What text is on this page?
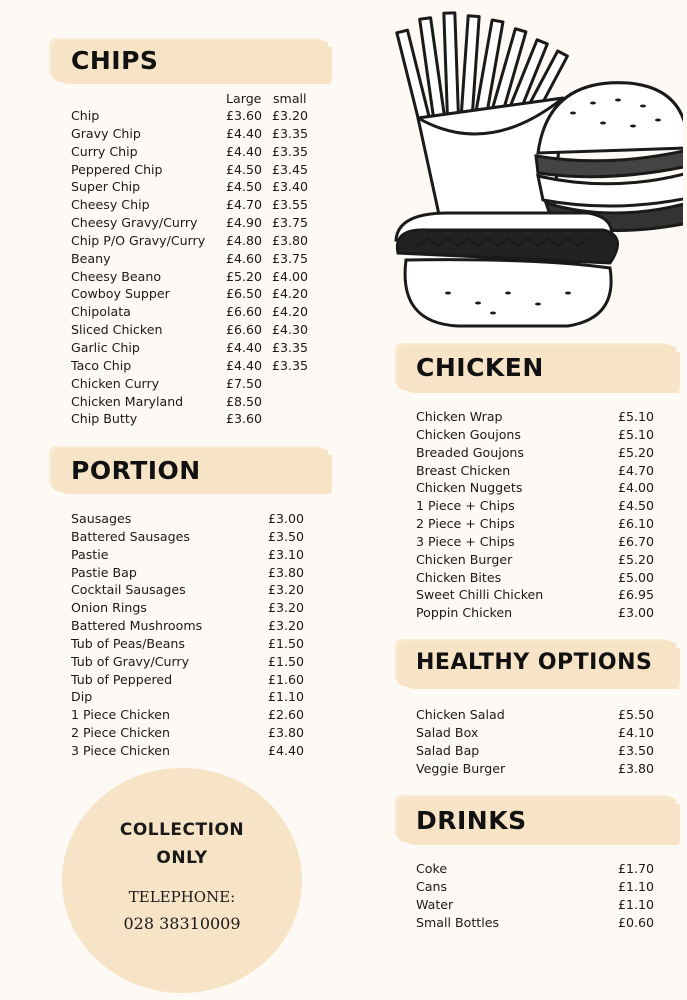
CHIPS
Large small
Chip	£3.60 £3.20
Gravy Chip	£4.40 £3.35
Curry Chip	£4.40 £3.35
Peppered Chip	£4.50 £3.45
Super Chip	£4.50 £3.40
Cheesy Chip	£4.70 £3.55
Cheesy Gravy/Curry £4.90 £3.75
Chip P/O Gravy/Curry £4.80 £3.80
Beany	£4.60 £3.75
Cheesy Beano	£5.20 £4.00
Cowboy Supper	£6.50 £4.20
Chipolata	£6.60 £4.20
Sliced Chicken	£6.60 £4.30
Garlic Chip	£4.40 £3.35
Taco Chip	£4.40 £3.35
Chicken Curry	£7.50
Chicken Maryland	£8.50
Chip Butty	£3.60
PORTION
Sausages	£3.00
Battered Sausages	£3.50
Pastie	£3.10
Pastie Bap	£3.80
Cocktail Sausages	£3.20
Onion Rings	£3.20
Battered Mushrooms	£3.20
Tub of Peas/Beans	£1.50
Tub of Gravy/Curry	£1.50
Tub of Peppered	£1.60
Dip	£1.10
1 Piece Chicken	£2.60
2 Piece Chicken	£3.80
3 Piece Chicken	£4.40
COLLECTION
ONLY
TELEPHONE:
028 38310009
CHICKEN
Chicken Wrap	£5.10
Chicken Goujons	£5.10
Breaded Goujons	£5.20
Breast Chicken	£4.70
Chicken Nuggets	£4.00
1 Piece + Chips	£4.50
2 Piece + Chips	£6.10
3 Piece + Chips	£6.70
Chicken Burger	£5.20
Chicken Bites	£5.00
Sweet Chilli Chicken	£6.95
Poppin Chicken	£3.00
HEALTHY OPTIONS
Chicken Salad	£5.50
Salad Box	£4.10
Salad Bap	£3.50
Veggie Burger	£3.80
DRINKS
Coke	£1.70
Cans	£1.10
Water	£1.10
Small Bottles	£0.60
